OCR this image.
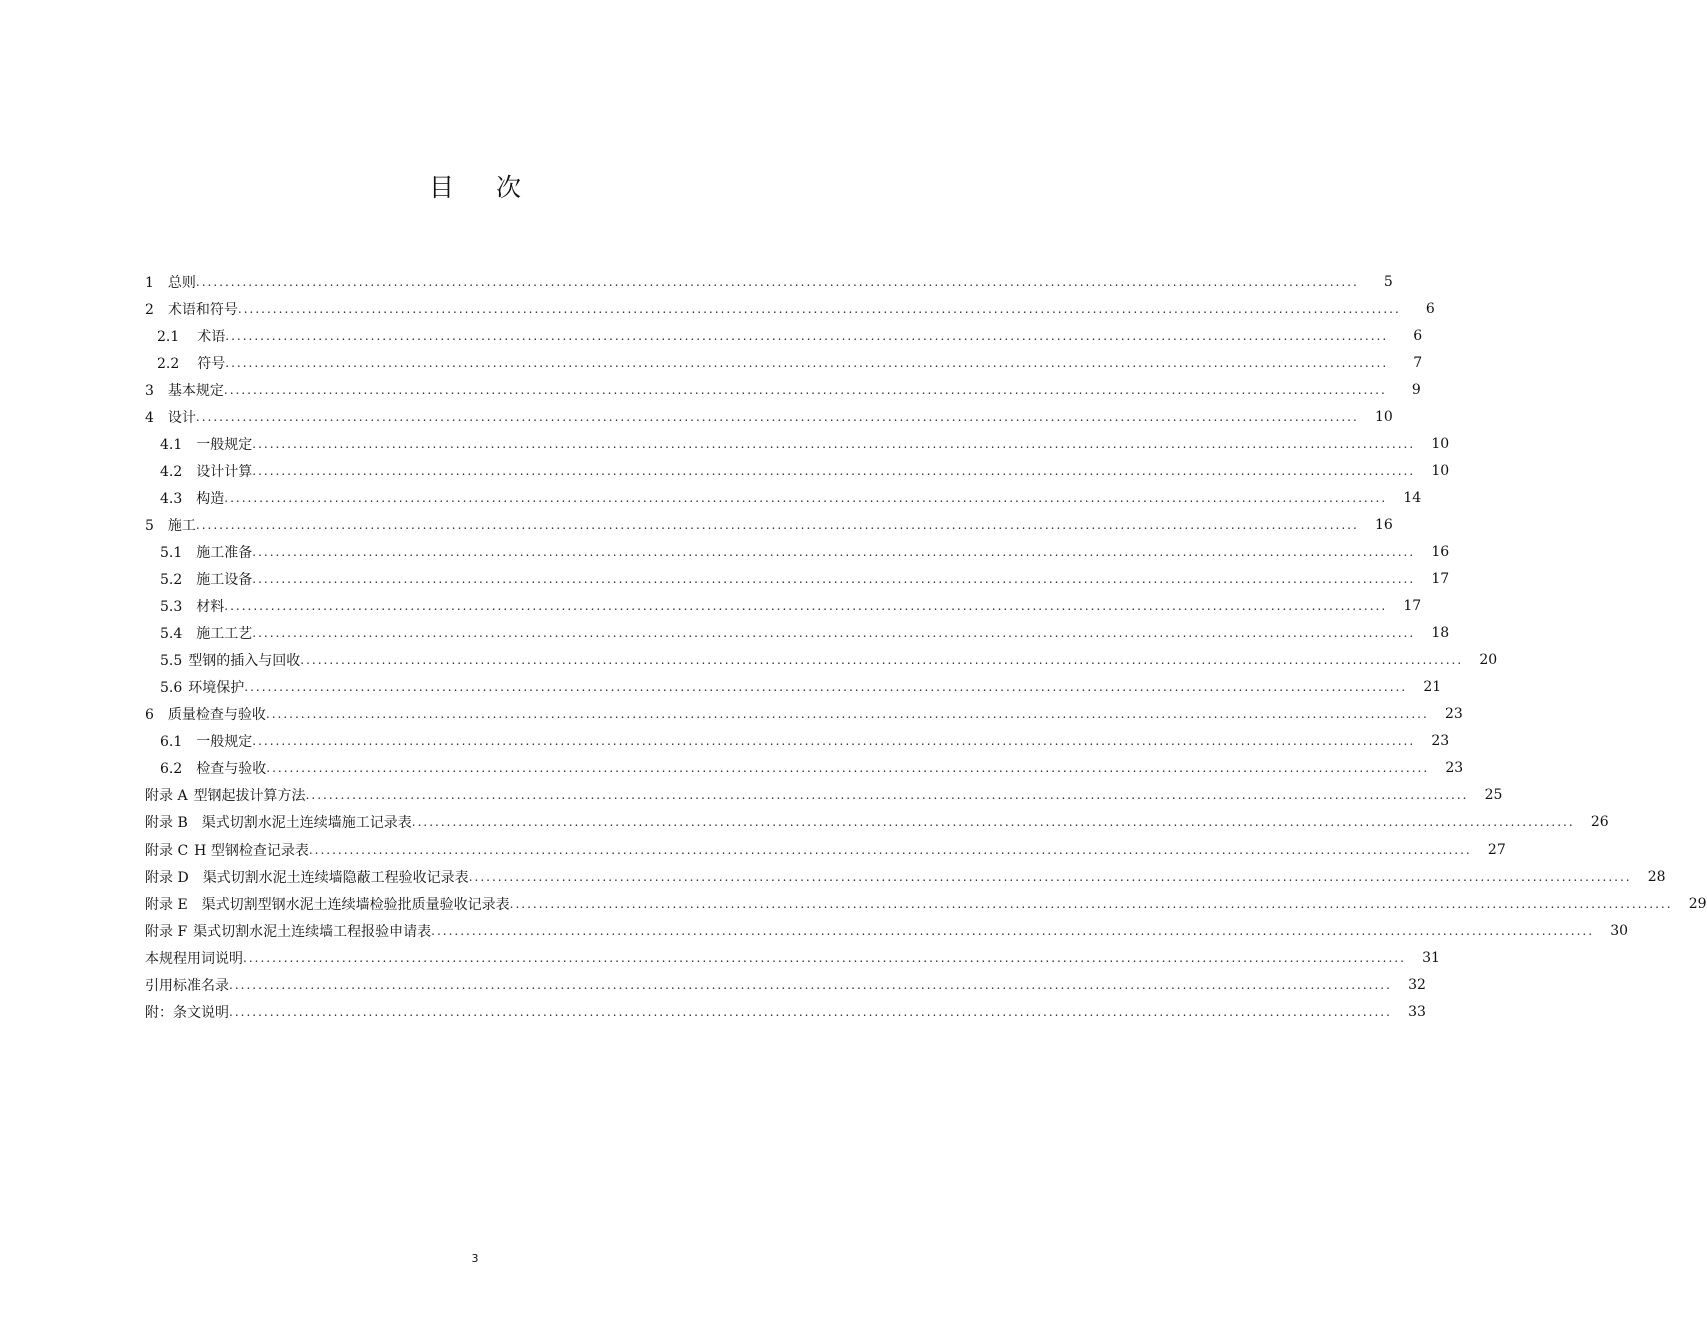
目 次
1 总则 ........................................................................................................................................................................................................	5
2 术语和符号 ........................................................................................................................................................................................................	6
2.1 术语 ........................................................................................................................................................................................................	6
2.2 符号 ........................................................................................................................................................................................................	7
3 基本规定 ........................................................................................................................................................................................................	9
4 设计 ........................................................................................................................................................................................................	10
4.1 一般规定 ........................................................................................................................................................................................................	10
4.2 设计计算 ........................................................................................................................................................................................................	10
4.3 构造 ........................................................................................................................................................................................................	14
5 施工 ........................................................................................................................................................................................................	16
5.1 施工准备 ........................................................................................................................................................................................................	16
5.2 施工设备 ........................................................................................................................................................................................................	17
5.3 材料 ........................................................................................................................................................................................................	17
5.4 施工工艺 ........................................................................................................................................................................................................	18
5.5 型钢的插入与回收 ........................................................................................................................................................................................................	20
5.6 环境保护 ........................................................................................................................................................................................................	21
6 质量检查与验收 ........................................................................................................................................................................................................	23
6.1 一般规定 ........................................................................................................................................................................................................	23
6.2 检查与验收 ........................................................................................................................................................................................................	23
附录 A 型钢起拔计算方法 ........................................................................................................................................................................................................	25
附录 B 渠式切割水泥土连续墙施工记录表 ........................................................................................................................................................................................................	26
附录 C H 型钢检查记录表 ........................................................................................................................................................................................................	27
附录 D 渠式切割水泥土连续墙隐蔽工程验收记录表 ........................................................................................................................................................................................................	28
附录 E 渠式切割型钢水泥土连续墙检验批质量验收记录表 ........................................................................................................................................................................................................	29
附录 F 渠式切割水泥土连续墙工程报验申请表 ........................................................................................................................................................................................................	30
本规程用词说明 ........................................................................................................................................................................................................	31
引用标准名录 ........................................................................................................................................................................................................	32
附：条文说明 ........................................................................................................................................................................................................	33
3
